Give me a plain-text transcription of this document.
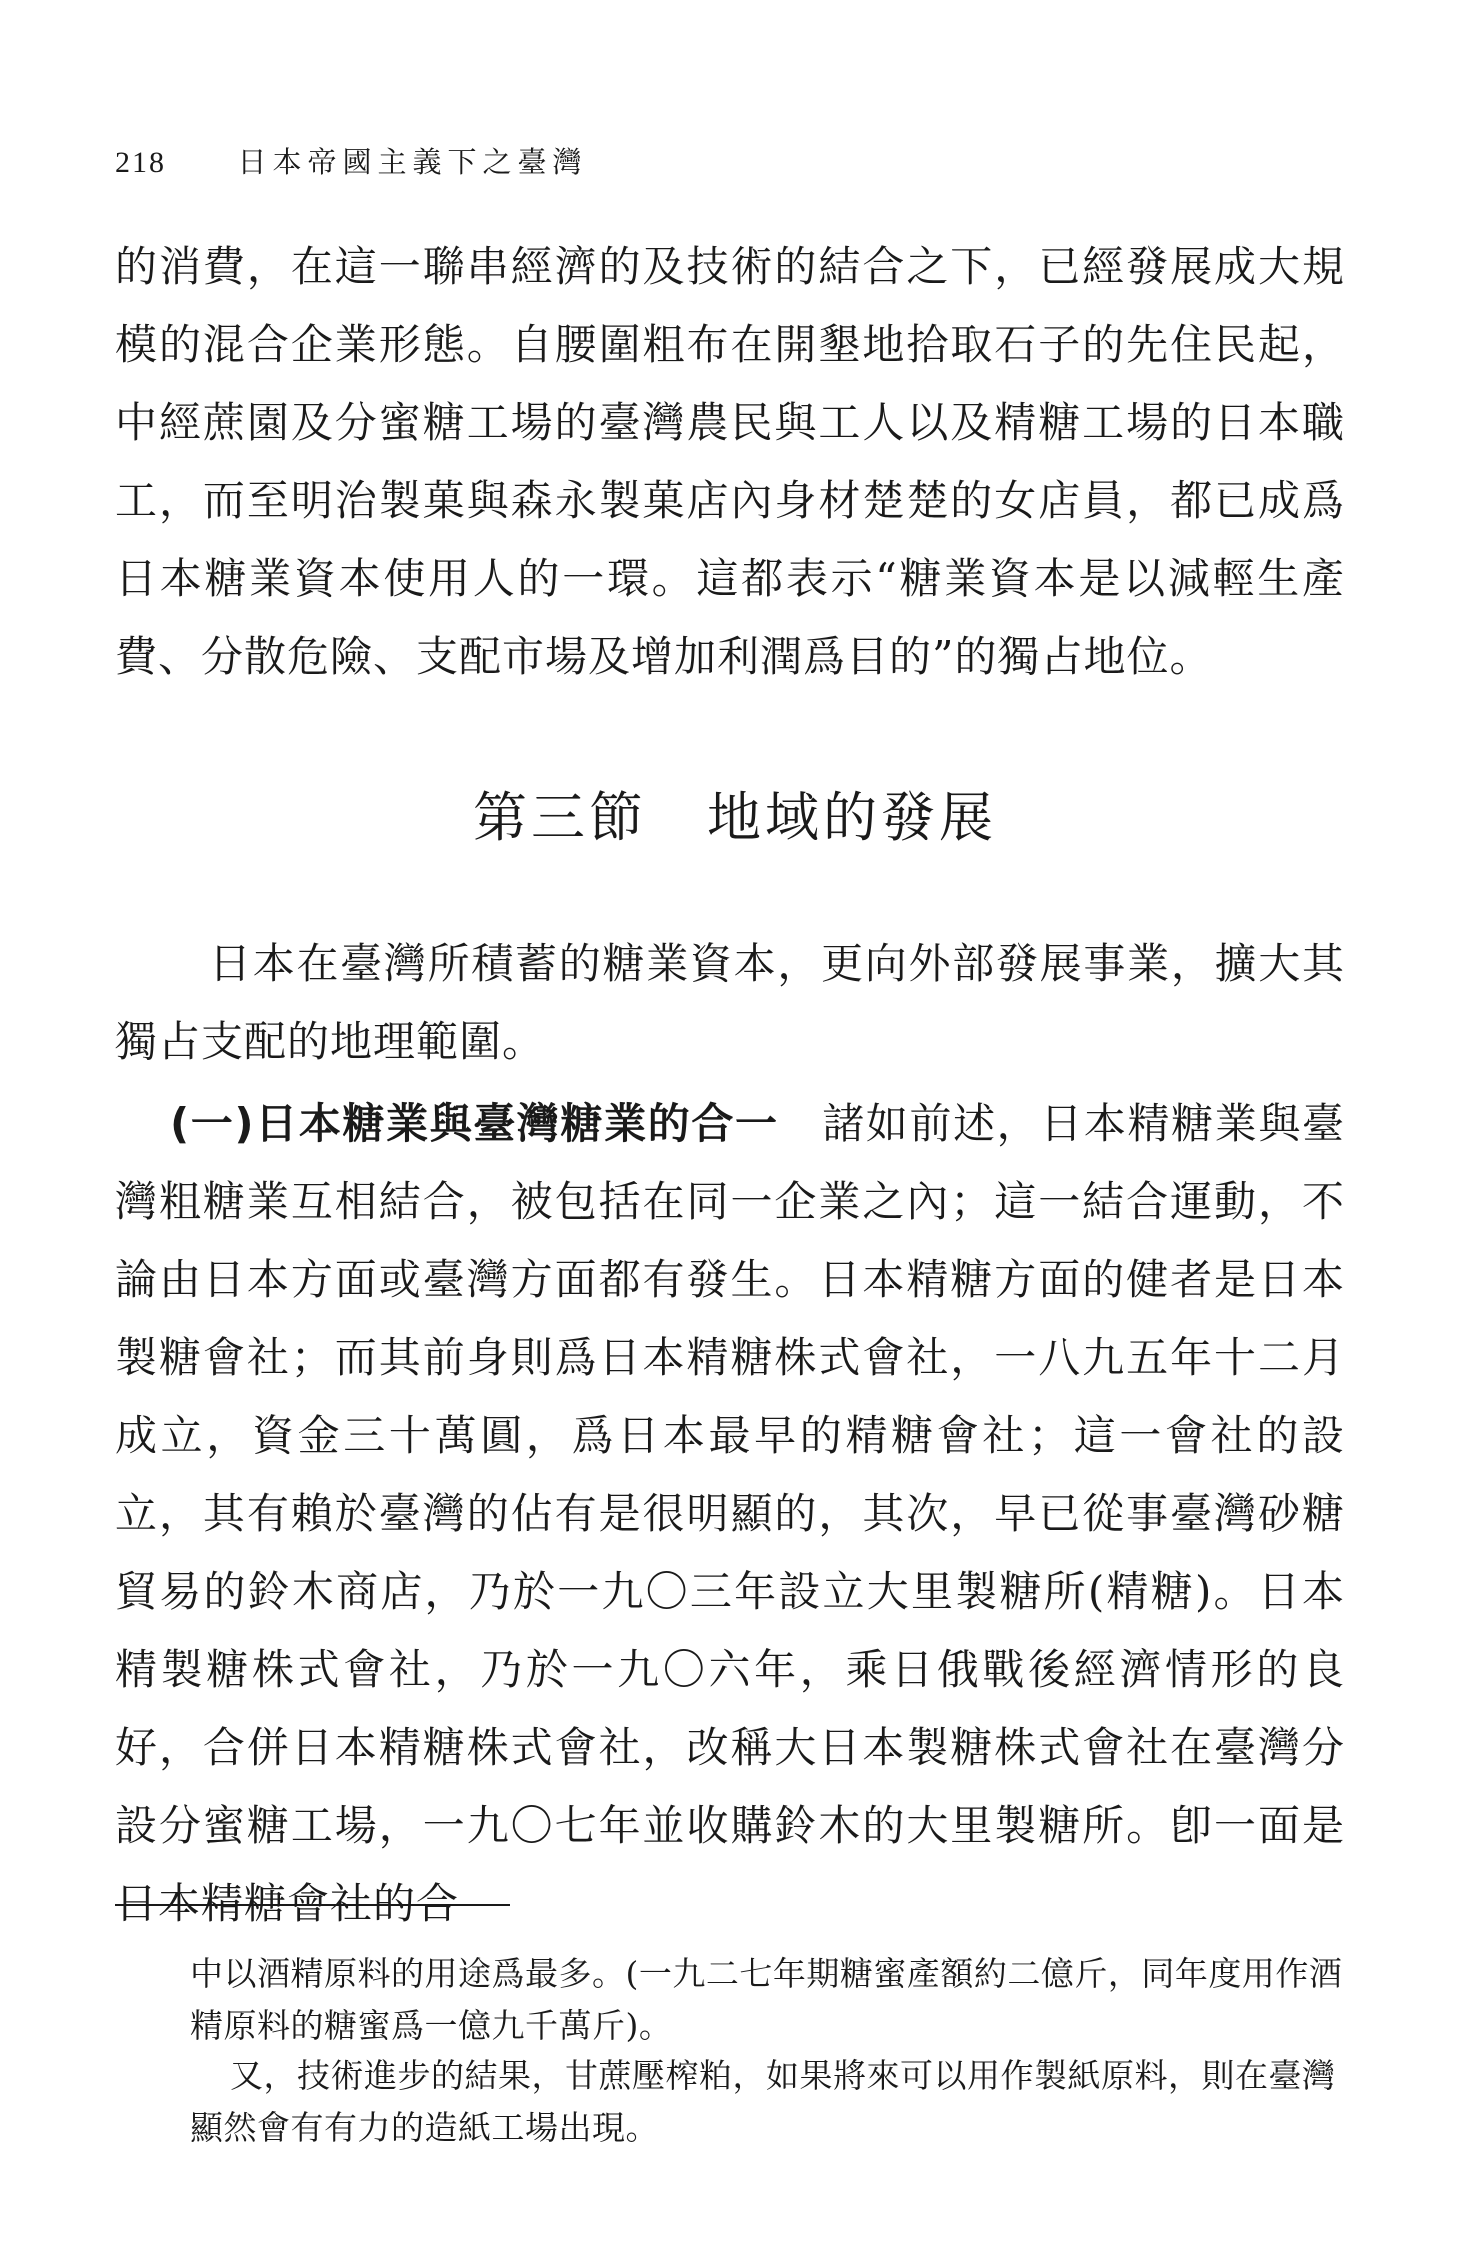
218 日本帝國主義下之臺灣

的消費，在這一聯串經濟的及技術的結合之下，已經發展成大規模的混合企業形態。自腰圍粗布在開墾地拾取石子的先住民起，中經蔗園及分蜜糖工場的臺灣農民與工人以及精糖工場的日本職工，而至明治製菓與森永製菓店內身材楚楚的女店員，都已成爲日本糖業資本使用人的一環。這都表示“糖業資本是以減輕生產費、分散危險、支配市場及增加利潤爲目的”的獨占地位。

第三節 地域的發展

日本在臺灣所積蓄的糖業資本，更向外部發展事業，擴大其獨占支配的地理範圍。

(一)日本糖業與臺灣糖業的合一　諸如前述，日本精糖業與臺灣粗糖業互相結合，被包括在同一企業之內；這一結合運動，不論由日本方面或臺灣方面都有發生。日本精糖方面的健者是日本製糖會社；而其前身則爲日本精糖株式會社，一八九五年十二月成立，資金三十萬圓，爲日本最早的精糖會社；這一會社的設立，其有賴於臺灣的佔有是很明顯的，其次，早已從事臺灣砂糖貿易的鈴木商店，乃於一九〇三年設立大里製糖所(精糖)。日本精製糖株式會社，乃於一九〇六年，乘日俄戰後經濟情形的良好，合併日本精糖株式會社，改稱大日本製糖株式會社在臺灣分設分蜜糖工場，一九〇七年並收購鈴木的大里製糖所。卽一面是日本精糖會社的合

中以酒精原料的用途爲最多。(一九二七年期糖蜜產額約二億斤，同年度用作酒精原料的糖蜜爲一億九千萬斤)。

又，技術進步的結果，甘蔗壓榨粕，如果將來可以用作製紙原料，則在臺灣顯然會有有力的造紙工場出現。
